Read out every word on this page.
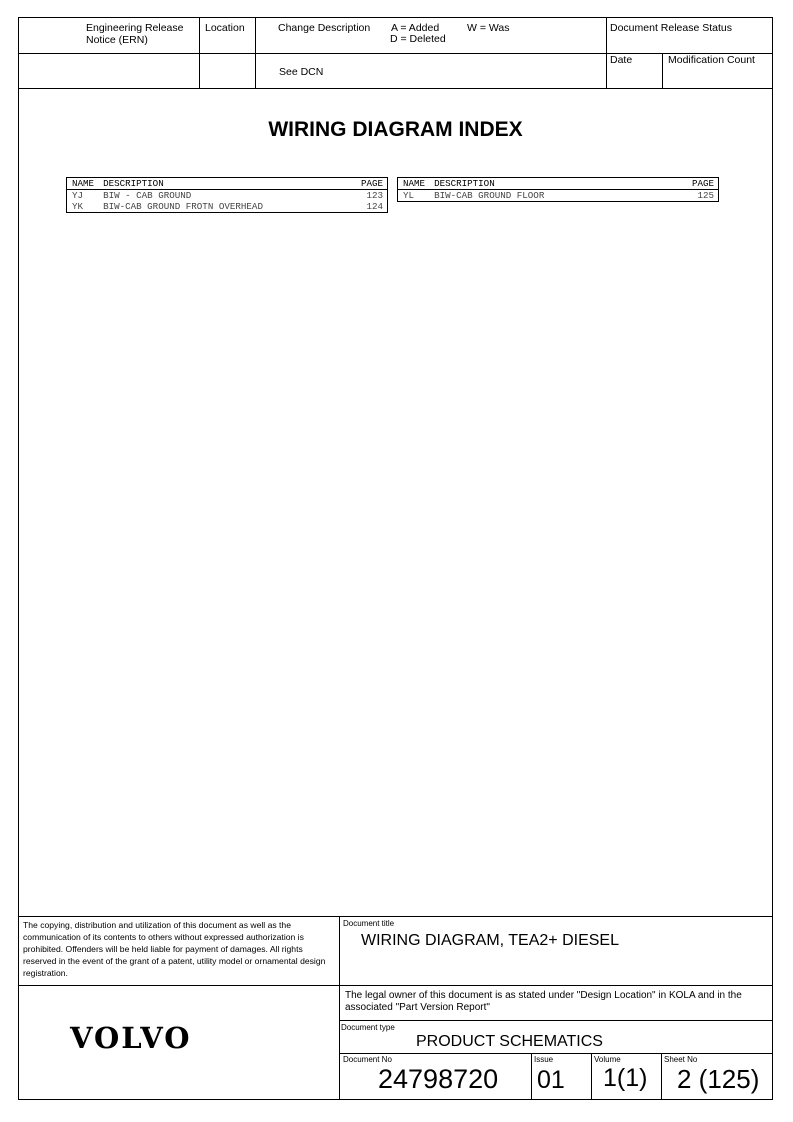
Engineering Release Notice (ERN)
Location	Change Description A = Added
D = Deleted
W = Was	Document Release Status
See DCN
Date	Modification Count
WIRING DIAGRAM INDEX
NAME	DESCRIPTION	PAGE
YJ	BIW - CAB GROUND	123
YK	BIW-CAB GROUND FROTN OVERHEAD	124
NAME	DESCRIPTION	PAGE
YL	BIW-CAB GROUND FLOOR	125
The copying, distribution and utilization of this document as well as the communication of its contents to others without expressed authorization is prohibited. Offenders will be held liable for payment of damages. All rights reserved in the event of the grant of a patent, utility model or ornamental design registration.
Document title
WIRING DIAGRAM, TEA2+ DIESEL
The legal owner of this document is as stated under "Design Location" in KOLA and in the associated "Part Version Report"
VOLVO	Document type
PRODUCT SCHEMATICS
Document No
24798720
Issue
01
Volume
1(1)
Sheet No
2 (125)
